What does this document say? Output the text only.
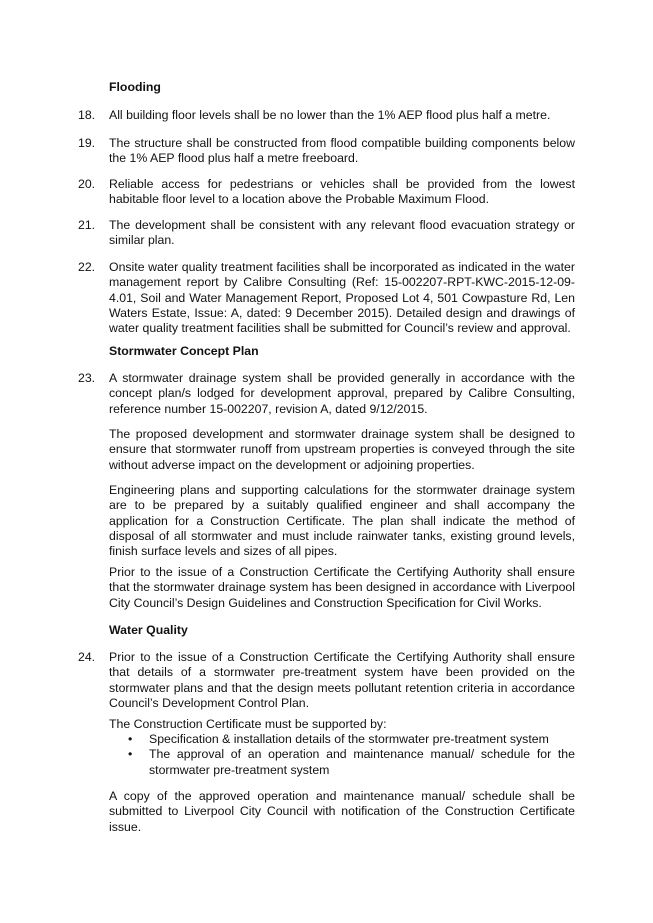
Flooding
18. All building floor levels shall be no lower than the 1% AEP flood plus half a metre.
19. The structure shall be constructed from flood compatible building components below the 1% AEP flood plus half a metre freeboard.
20. Reliable access for pedestrians or vehicles shall be provided from the lowest habitable floor level to a location above the Probable Maximum Flood.
21. The development shall be consistent with any relevant flood evacuation strategy or similar plan.
22. Onsite water quality treatment facilities shall be incorporated as indicated in the water management report by Calibre Consulting (Ref: 15-002207-RPT-KWC-2015-12-09-4.01, Soil and Water Management Report, Proposed Lot 4, 501 Cowpasture Rd, Len Waters Estate, Issue: A, dated: 9 December 2015). Detailed design and drawings of water quality treatment facilities shall be submitted for Council’s review and approval.
Stormwater Concept Plan
23. A stormwater drainage system shall be provided generally in accordance with the concept plan/s lodged for development approval, prepared by Calibre Consulting, reference number 15-002207, revision A, dated 9/12/2015.
The proposed development and stormwater drainage system shall be designed to ensure that stormwater runoff from upstream properties is conveyed through the site without adverse impact on the development or adjoining properties.
Engineering plans and supporting calculations for the stormwater drainage system are to be prepared by a suitably qualified engineer and shall accompany the application for a Construction Certificate. The plan shall indicate the method of disposal of all stormwater and must include rainwater tanks, existing ground levels, finish surface levels and sizes of all pipes.
Prior to the issue of a Construction Certificate the Certifying Authority shall ensure that the stormwater drainage system has been designed in accordance with Liverpool City Council’s Design Guidelines and Construction Specification for Civil Works.
Water Quality
24. Prior to the issue of a Construction Certificate the Certifying Authority shall ensure that details of a stormwater pre-treatment system have been provided on the stormwater plans and that the design meets pollutant retention criteria in accordance Council’s Development Control Plan.
The Construction Certificate must be supported by:
• Specification & installation details of the stormwater pre-treatment system
• The approval of an operation and maintenance manual/ schedule for the stormwater pre-treatment system
A copy of the approved operation and maintenance manual/ schedule shall be submitted to Liverpool City Council with notification of the Construction Certificate issue.
